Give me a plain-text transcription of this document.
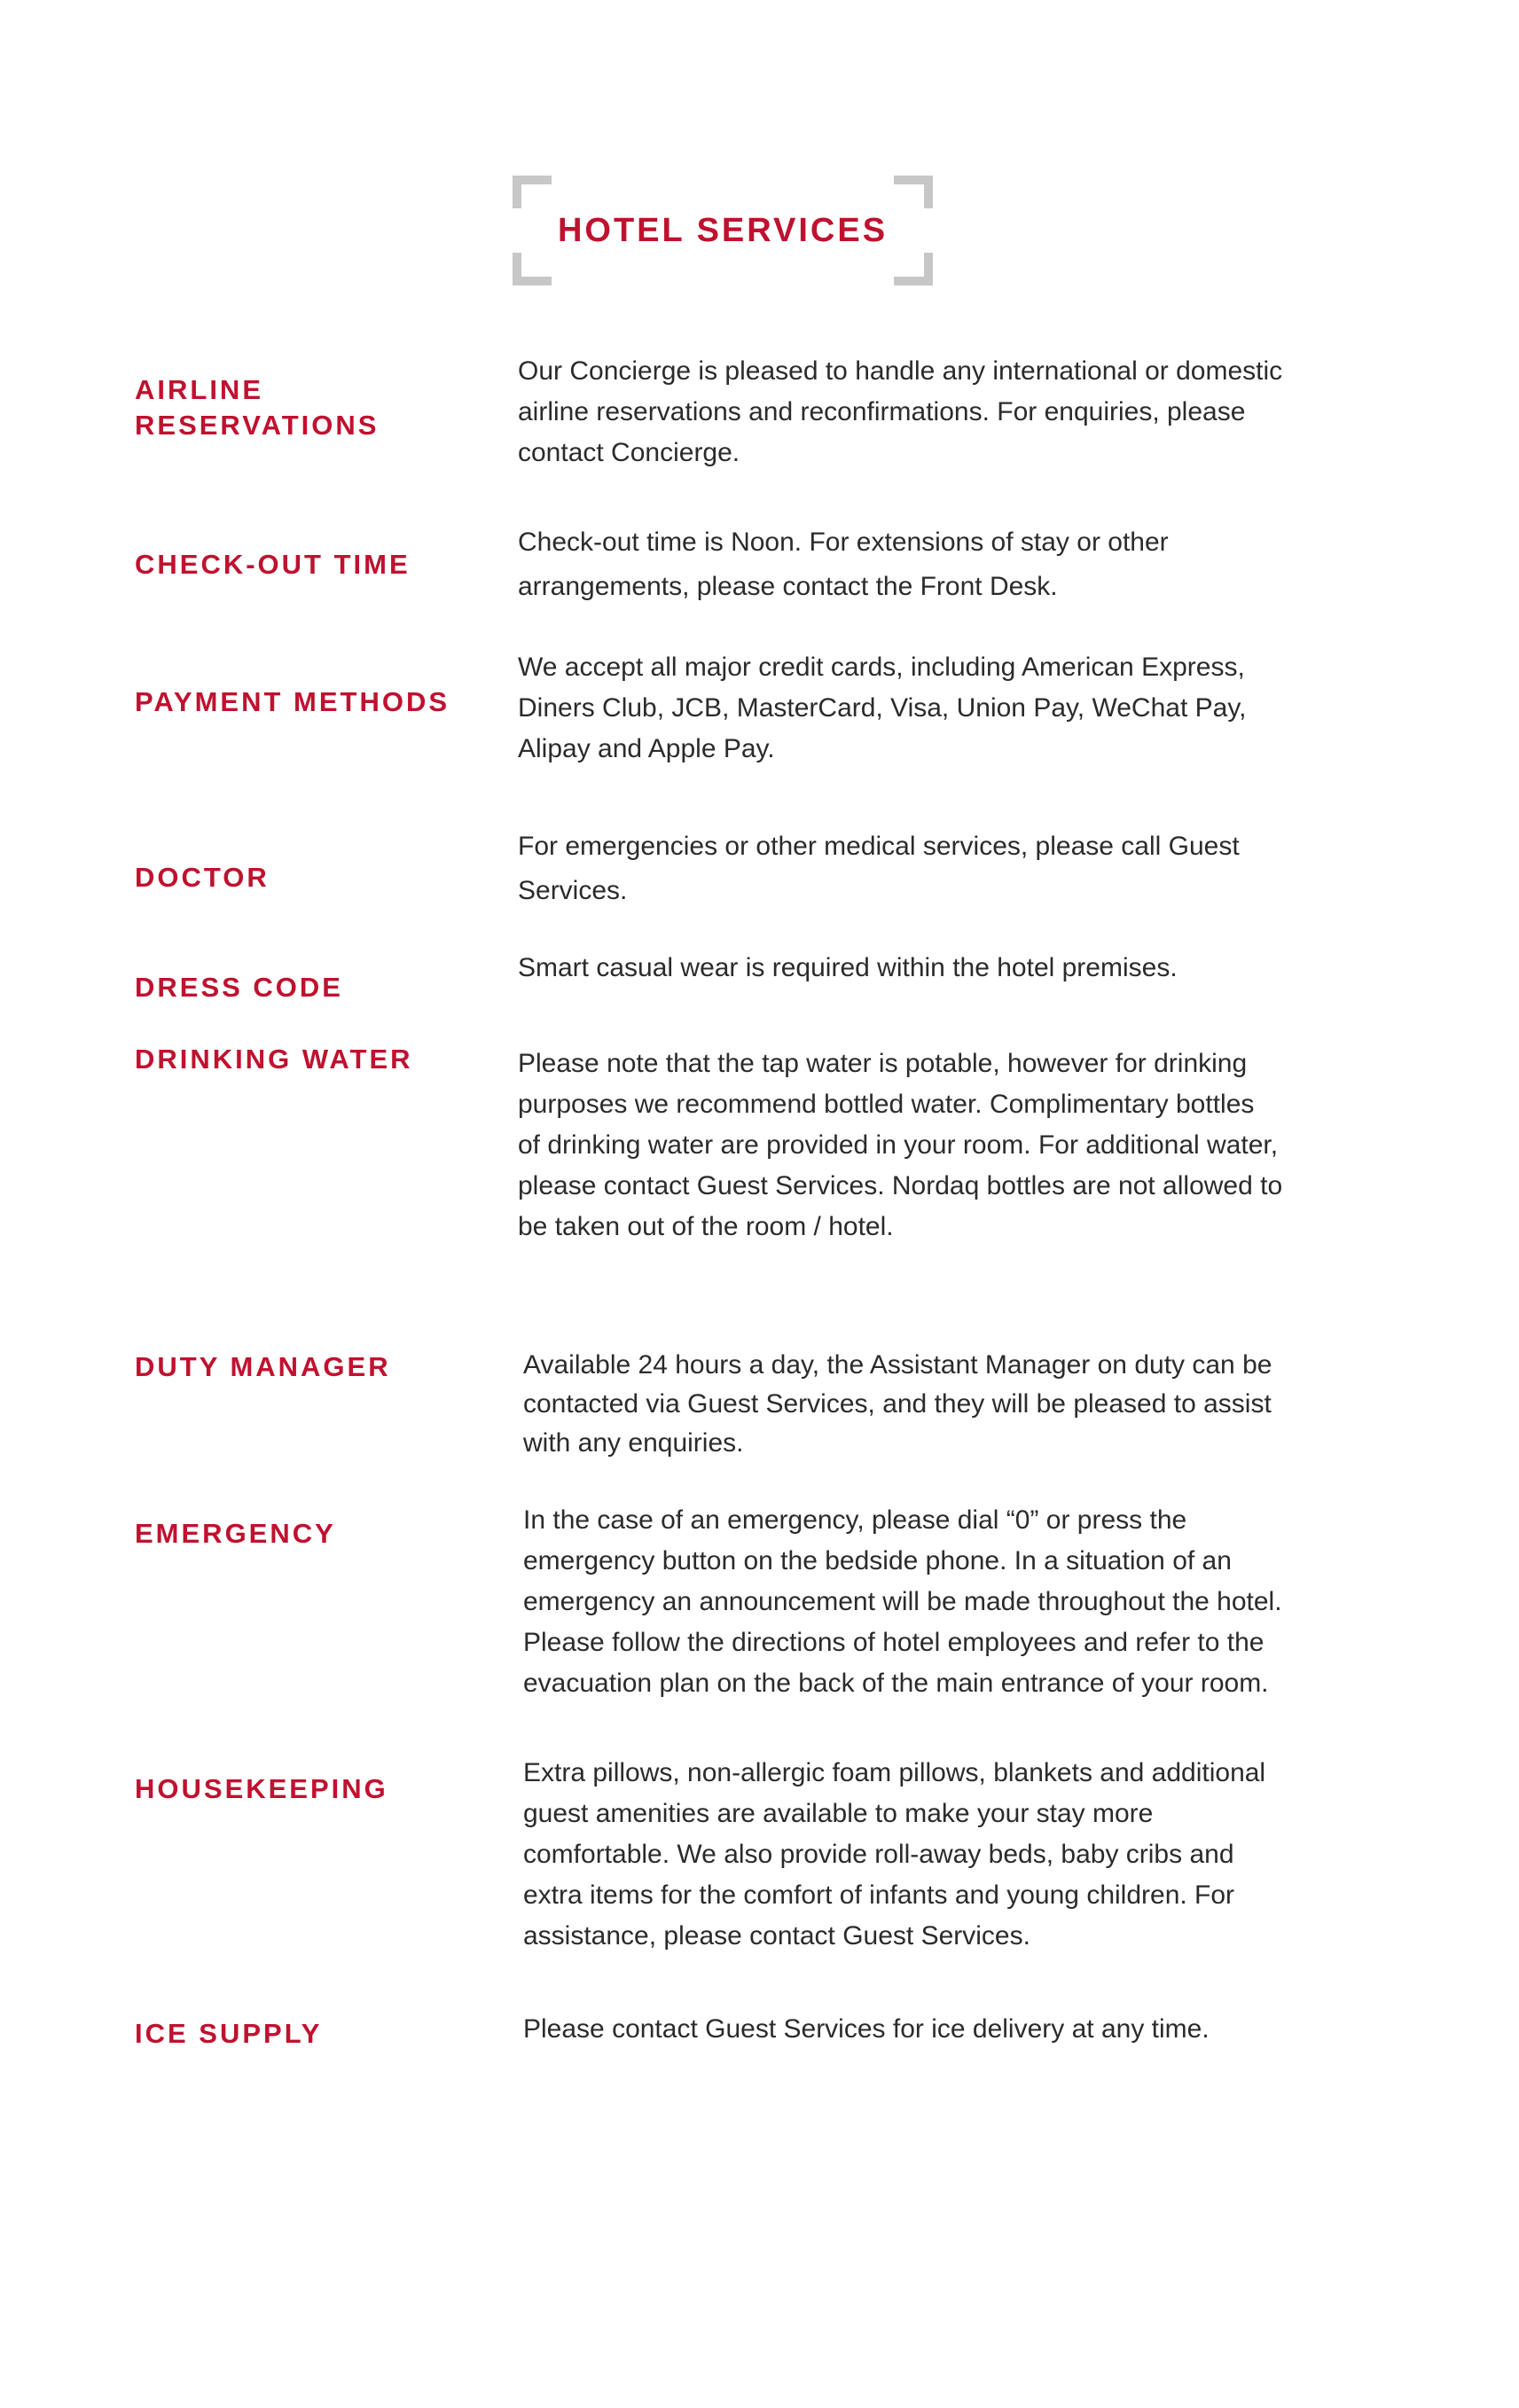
HOTEL SERVICES
AIRLINE
RESERVATIONS

Our Concierge is pleased to handle any international or domestic

airline reservations and reconfirmations. For enquiries, please

contact Concierge.

CHECK-OUT TIME

Check-out time is Noon. For extensions of stay or other

arrangements, please contact the Front Desk.

PAYMENT METHODS

We accept all major credit cards, including American Express,

Diners Club, JCB, MasterCard, Visa, Union Pay, WeChat Pay,

Alipay and Apple Pay.

DOCTOR

For emergencies or other medical services, please call Guest

Services.

DRESS CODE

Smart casual wear is required within the hotel premises.

DRINKING WATER	Please note that the tap water is potable, however for drinking

purposes we recommend bottled water. Complimentary bottles

of drinking water are provided in your room. For additional water,

please contact Guest Services. Nordaq bottles are not allowed to

be taken out of the room / hotel.

DUTY MANAGER	Available 24 hours a day, the Assistant Manager on duty can be

contacted via Guest Services, and they will be pleased to assist

with any enquiries.

EMERGENCY	In the case of an emergency, please dial “0” or press the

emergency button on the bedside phone. In a situation of an

emergency an announcement will be made throughout the hotel.

Please follow the directions of hotel employees and refer to the

evacuation plan on the back of the main entrance of your room.

HOUSEKEEPING

Extra pillows, non-allergic foam pillows, blankets and additional

guest amenities are available to make your stay more

comfortable. We also provide roll-away beds, baby cribs and

extra items for the comfort of infants and young children. For

assistance, please contact Guest Services.

ICE SUPPLY	Please contact Guest Services for ice delivery at any time.
